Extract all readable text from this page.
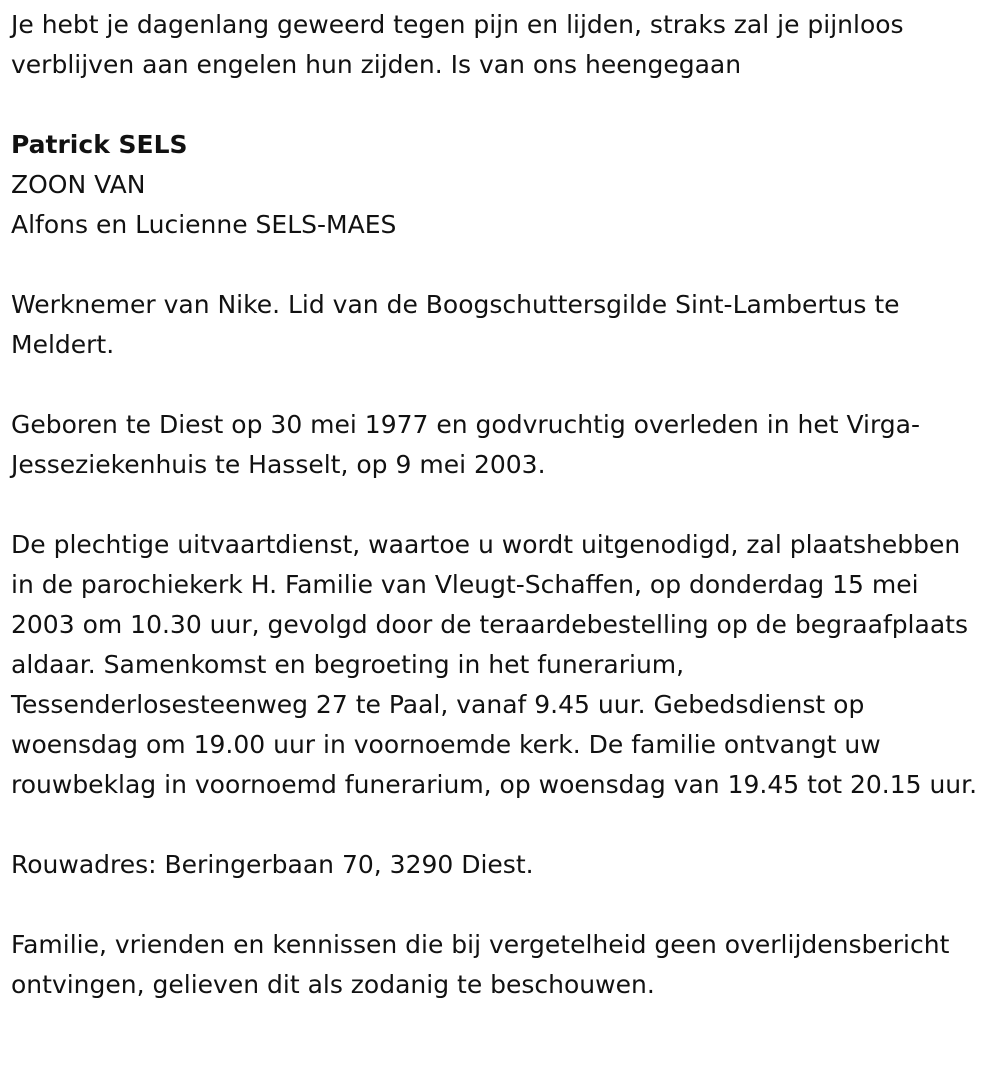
Je hebt je dagenlang geweerd tegen pijn en lijden, straks zal je pijnloos verblijven aan engelen hun zijden. Is van ons heengegaan

Patrick SELS

ZOON VAN

Alfons en Lucienne SELS-MAES

Werknemer van Nike. Lid van de Boogschuttersgilde Sint-Lambertus te Meldert.

Geboren te Diest op 30 mei 1977 en godvruchtig overleden in het Virga-Jesseziekenhuis te Hasselt, op 9 mei 2003.

De plechtige uitvaartdienst, waartoe u wordt uitgenodigd, zal plaatshebben in de parochiekerk H. Familie van Vleugt-Schaffen, op donderdag 15 mei 2003 om 10.30 uur, gevolgd door de teraardebestelling op de begraafplaats aldaar. Samenkomst en begroeting in het funerarium, Tessenderlosesteenweg 27 te Paal, vanaf 9.45 uur. Gebedsdienst op woensdag om 19.00 uur in voornoemde kerk. De familie ontvangt uw rouwbeklag in voornoemd funerarium, op woensdag van 19.45 tot 20.15 uur.

Rouwadres: Beringerbaan 70, 3290 Diest.

Familie, vrienden en kennissen die bij vergetelheid geen overlijdensbericht ontvingen, gelieven dit als zodanig te beschouwen.
